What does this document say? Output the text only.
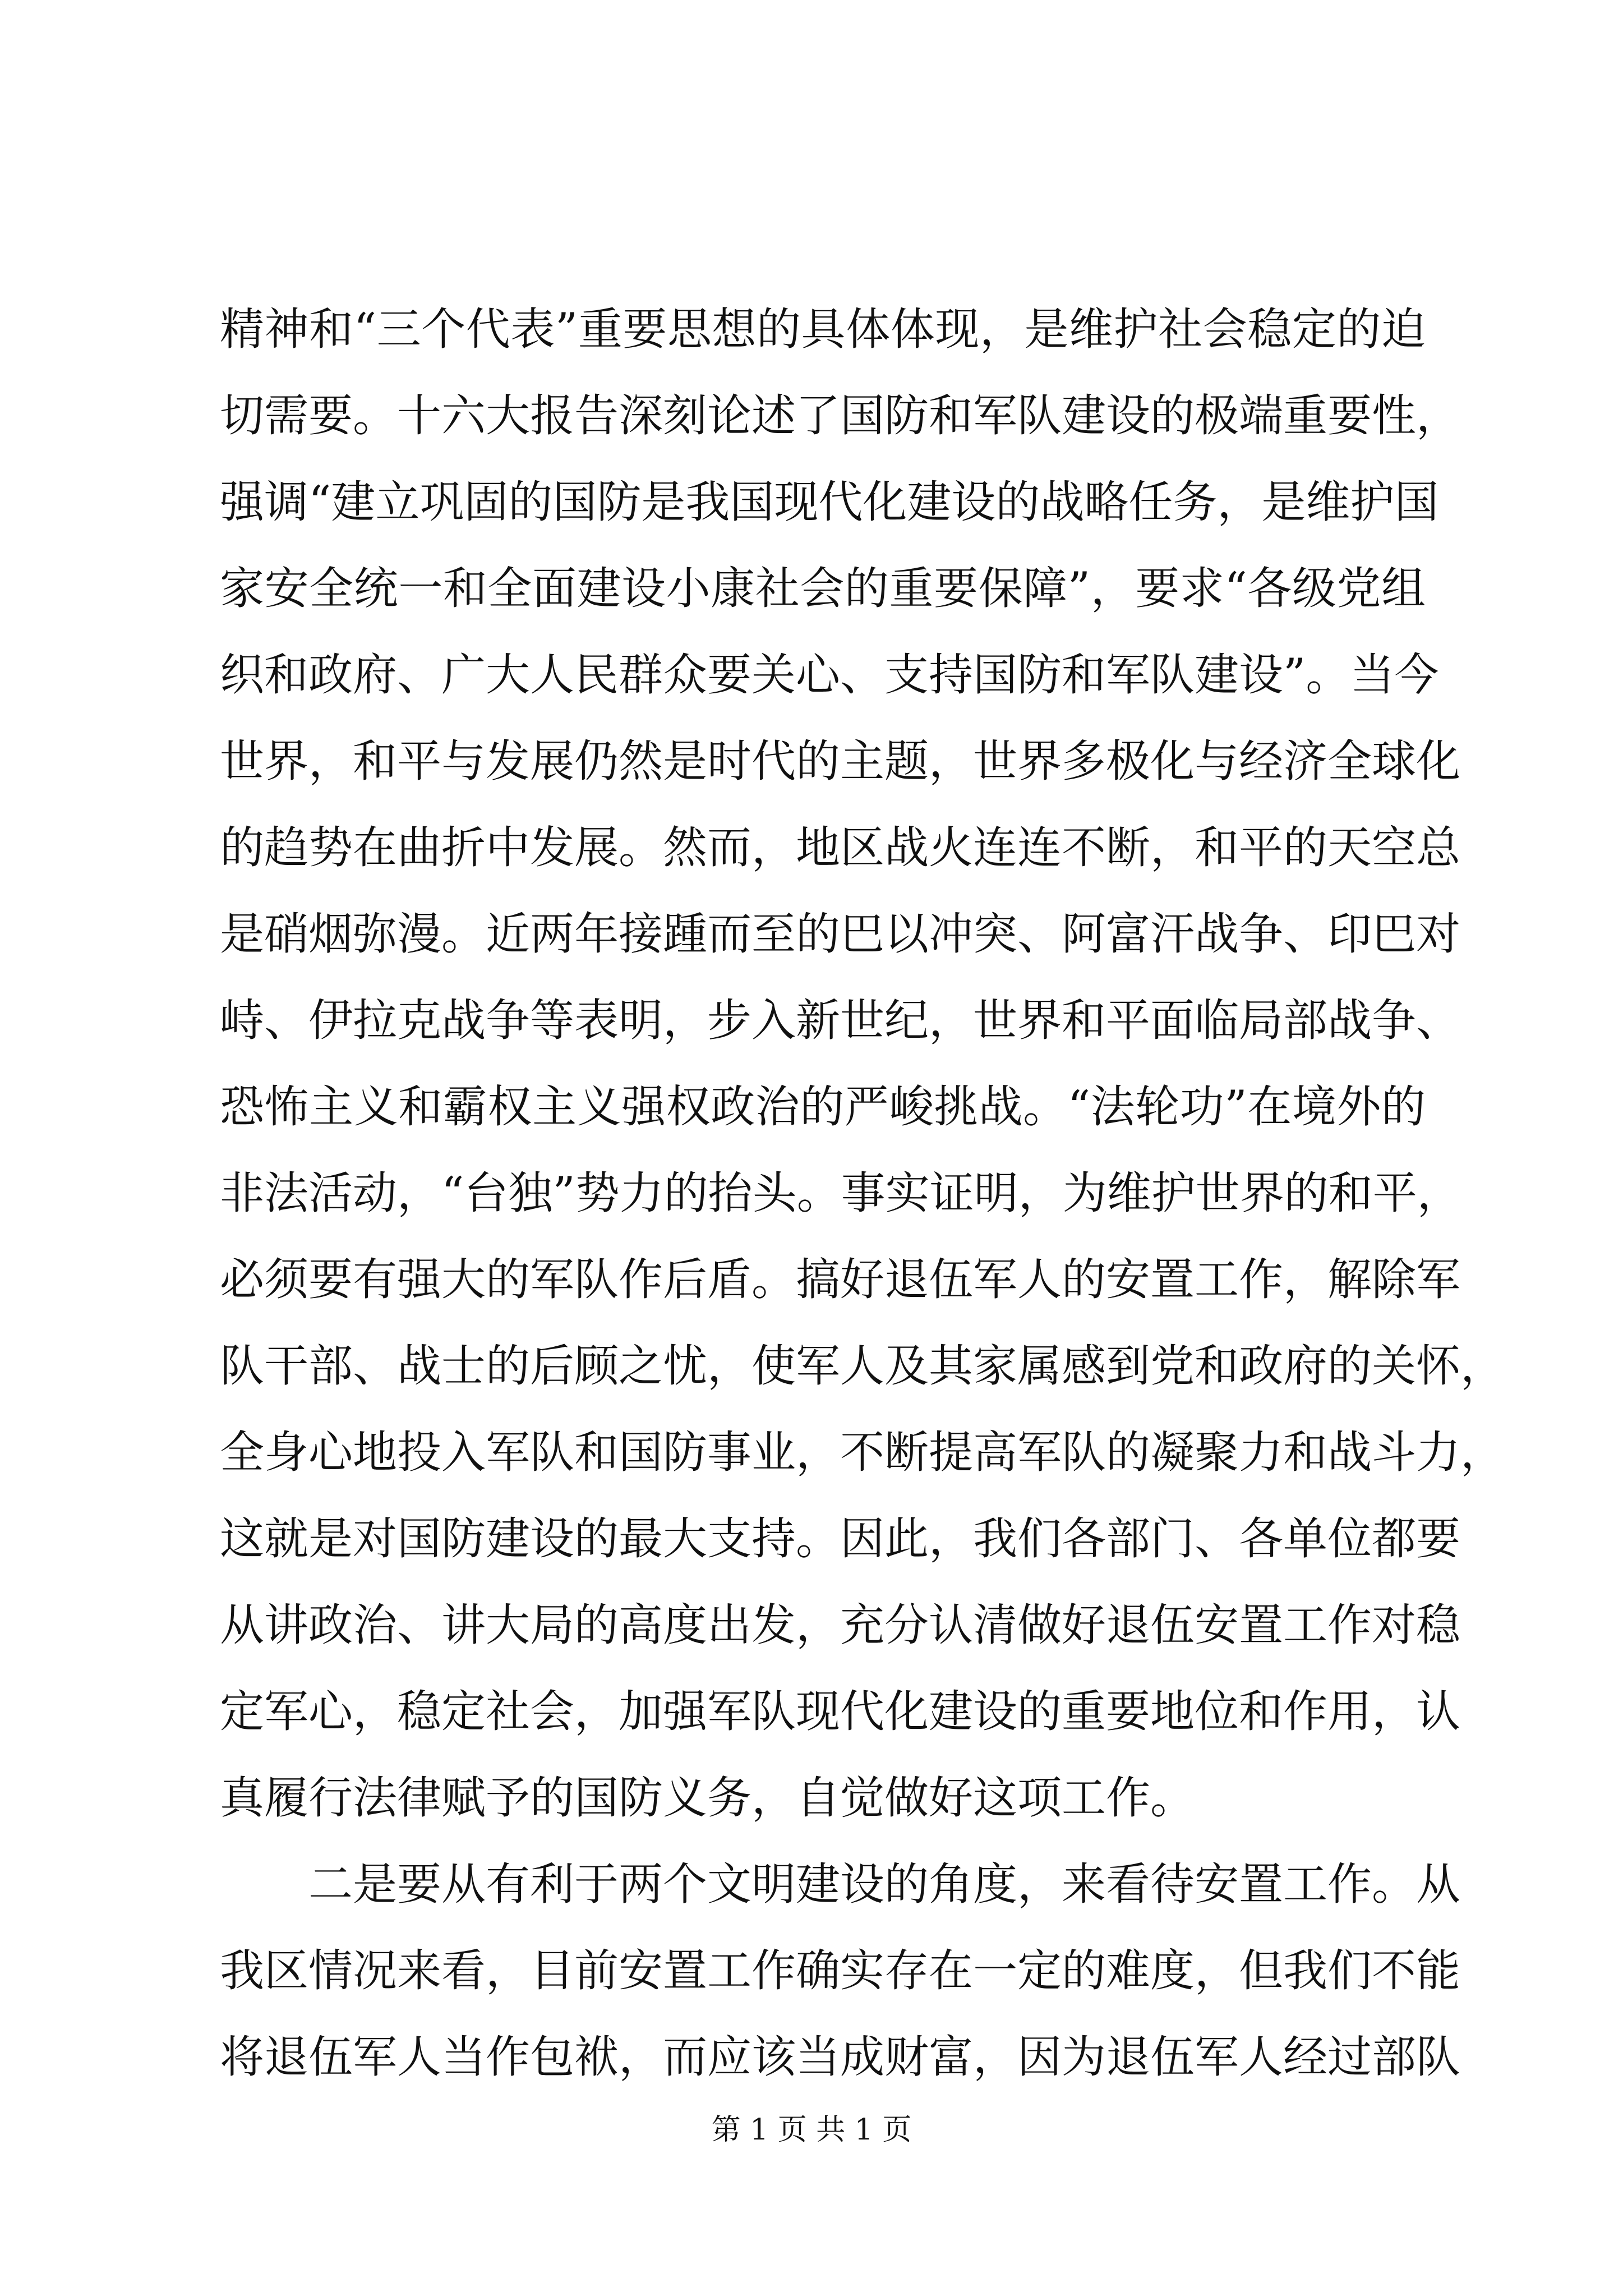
精神和“三个代表”重要思想的具体体现，是维护社会稳定的迫
切需要。十六大报告深刻论述了国防和军队建设的极端重要性，
强调“建立巩固的国防是我国现代化建设的战略任务，是维护国
家安全统一和全面建设小康社会的重要保障”，要求“各级党组
织和政府、广大人民群众要关心、支持国防和军队建设”。当今
世界，和平与发展仍然是时代的主题，世界多极化与经济全球化
的趋势在曲折中发展。然而，地区战火连连不断，和平的天空总
是硝烟弥漫。近两年接踵而至的巴以冲突、阿富汗战争、印巴对
峙、伊拉克战争等表明，步入新世纪，世界和平面临局部战争、
恐怖主义和霸权主义强权政治的严峻挑战。“法轮功”在境外的
非法活动，“台独”势力的抬头。事实证明，为维护世界的和平，
必须要有强大的军队作后盾。搞好退伍军人的安置工作，解除军
队干部、战士的后顾之忧，使军人及其家属感到党和政府的关怀，
全身心地投入军队和国防事业，不断提高军队的凝聚力和战斗力，
这就是对国防建设的最大支持。因此，我们各部门、各单位都要
从讲政治、讲大局的高度出发，充分认清做好退伍安置工作对稳
定军心，稳定社会，加强军队现代化建设的重要地位和作用，认
真履行法律赋予的国防义务，自觉做好这项工作。
二是要从有利于两个文明建设的角度，来看待安置工作。从
我区情况来看，目前安置工作确实存在一定的难度，但我们不能
将退伍军人当作包袱，而应该当成财富，因为退伍军人经过部队
第 1 页 共 1 页
